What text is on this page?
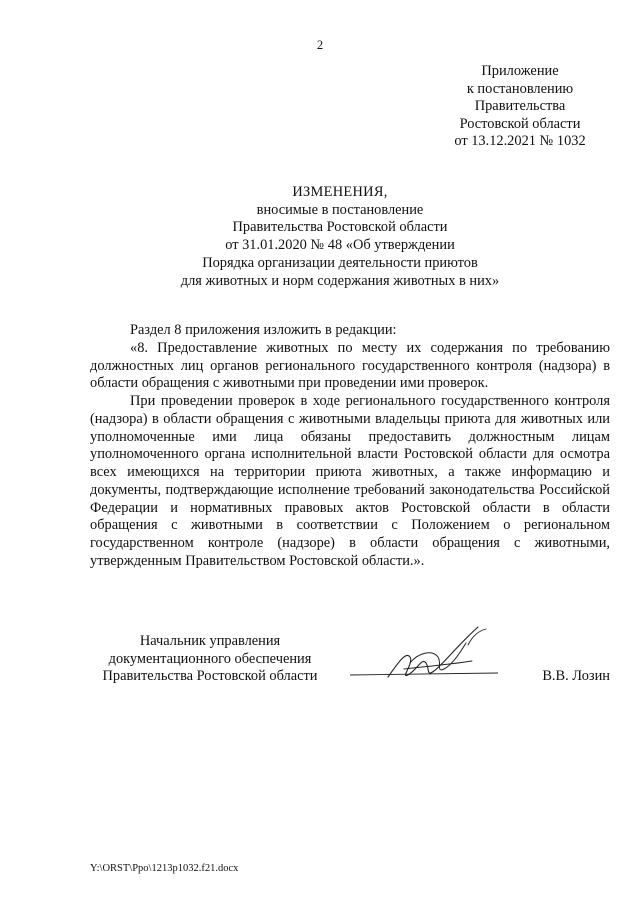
2
Приложение
к постановлению
Правительства
Ростовской области
от 13.12.2021 № 1032
ИЗМЕНЕНИЯ,
вносимые в постановление
Правительства Ростовской области
от 31.01.2020 № 48 «Об утверждении
Порядка организации деятельности приютов
для животных и норм содержания животных в них»

Раздел 8 приложения изложить в редакции:

«8. Предоставление животных по месту их содержания по требованию должностных лиц органов регионального государственного контроля (надзора) в области обращения с животными при проведении ими проверок.

При проведении проверок в ходе регионального государственного контроля (надзора) в области обращения с животными владельцы приюта для животных или уполномоченные ими лица обязаны предоставить должностным лицам уполномоченного органа исполнительной власти Ростовской области для осмотра всех имеющихся на территории приюта животных, а также информацию и документы, подтверждающие исполнение требований законодательства Российской Федерации и нормативных правовых актов Ростовской области в области обращения с животными в соответствии с Положением о региональном государственном контроле (надзоре) в области обращения с животными, утвержденным Правительством Ростовской области.».

Начальник управления
документационного обеспечения
Правительства Ростовской области	В.В. Лозин
Y:\ORST\Ppo\1213p1032.f21.docx
